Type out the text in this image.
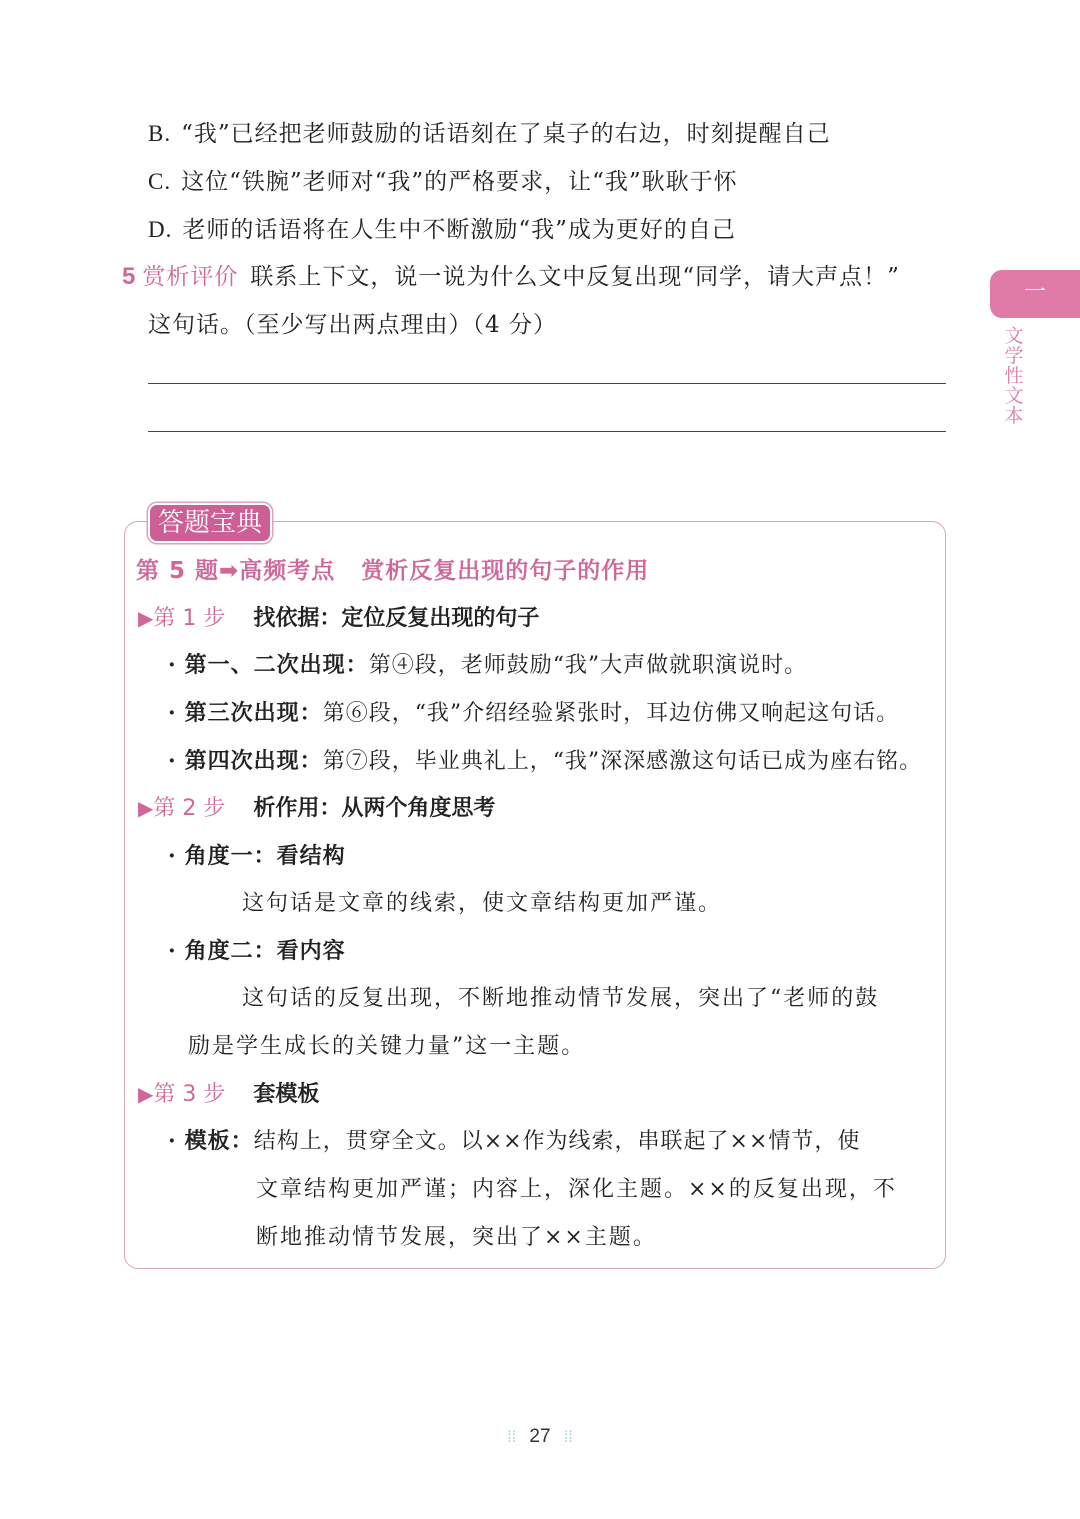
B. “我”已经把老师鼓励的话语刻在了桌子的右边，时刻提醒自己
C. 这位“铁腕”老师对“我”的严格要求，让“我”耿耿于怀
D. 老师的话语将在人生中不断激励“我”成为更好的自己
5 赏析评价 联系上下文，说一说为什么文中反复出现“同学，请大声点！”
这句话。（至少写出两点理由）（4 分）
一
文学性文本
答题宝典
第 5 题➡高频考点 赏析反复出现的句子的作用
▶第 1 步 找依据：定位反复出现的句子
· 第一、二次出现：第④段，老师鼓励“我”大声做就职演说时。
· 第三次出现：第⑥段，“我”介绍经验紧张时，耳边仿佛又响起这句话。
· 第四次出现：第⑦段，毕业典礼上，“我”深深感激这句话已成为座右铭。
▶第 2 步 析作用：从两个角度思考
· 角度一：看结构
这句话是文章的线索，使文章结构更加严谨。
· 角度二：看内容
这句话的反复出现，不断地推动情节发展，突出了“老师的鼓
励是学生成长的关键力量”这一主题。
▶第 3 步 套模板
· 模板：结构上，贯穿全文。以××作为线索，串联起了××情节，使
文章结构更加严谨；内容上，深化主题。××的反复出现，不
断地推动情节发展，突出了××主题。
⁞⁞ 27 ⁞⁞
